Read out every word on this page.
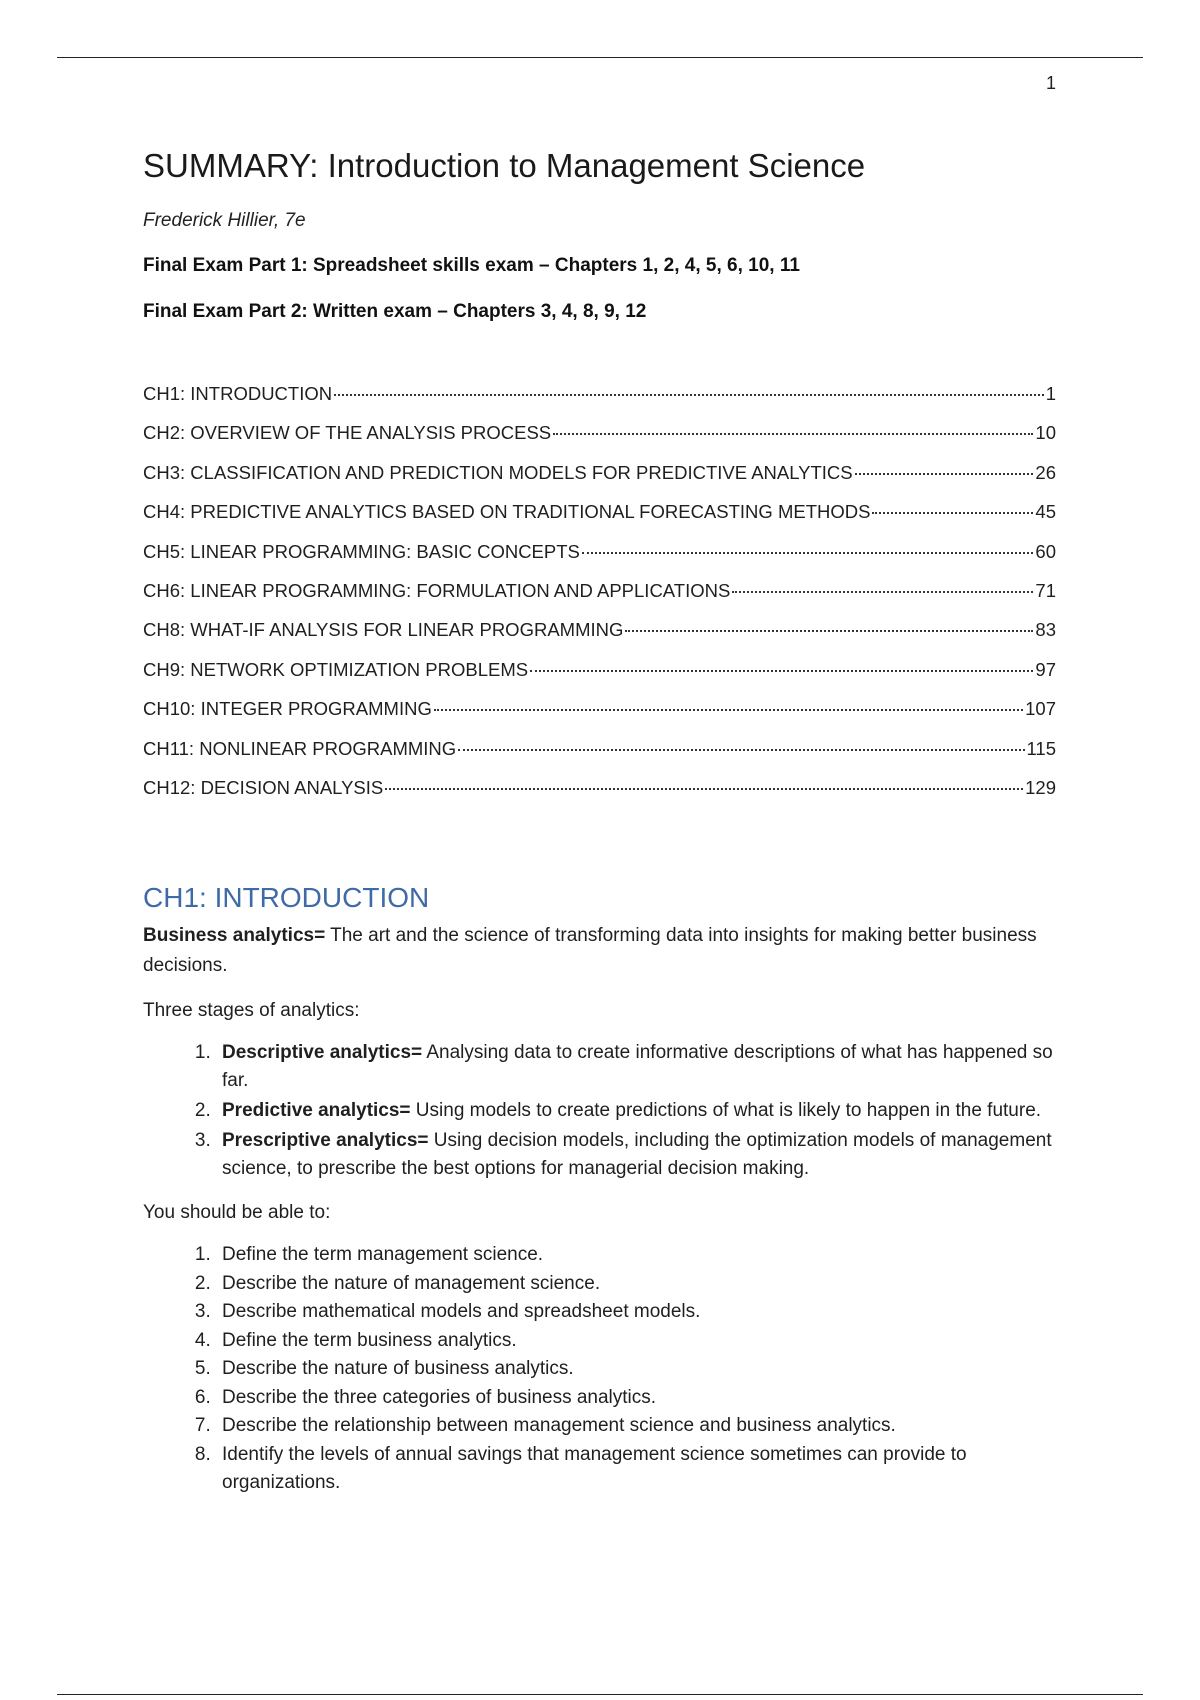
1
SUMMARY: Introduction to Management Science
Frederick Hillier, 7e
Final Exam Part 1: Spreadsheet skills exam – Chapters 1, 2, 4, 5, 6, 10, 11
Final Exam Part 2: Written exam – Chapters 3, 4, 8, 9, 12
CH1: INTRODUCTION	1
CH2: OVERVIEW OF THE ANALYSIS PROCESS	10
CH3: CLASSIFICATION AND PREDICTION MODELS FOR PREDICTIVE ANALYTICS	26
CH4: PREDICTIVE ANALYTICS BASED ON TRADITIONAL FORECASTING METHODS	45
CH5: LINEAR PROGRAMMING: BASIC CONCEPTS	60
CH6: LINEAR PROGRAMMING: FORMULATION AND APPLICATIONS	71
CH8: WHAT-IF ANALYSIS FOR LINEAR PROGRAMMING	83
CH9: NETWORK OPTIMIZATION PROBLEMS	97
CH10: INTEGER PROGRAMMING	107
CH11: NONLINEAR PROGRAMMING	115
CH12: DECISION ANALYSIS	129
CH1: INTRODUCTION

Business analytics= The art and the science of transforming data into insights for making better business decisions.

Three stages of analytics:

1. Descriptive analytics= Analysing data to create informative descriptions of what has happened so far.
2. Predictive analytics= Using models to create predictions of what is likely to happen in the future.
3. Prescriptive analytics= Using decision models, including the optimization models of management science, to prescribe the best options for managerial decision making.

You should be able to:

1. Define the term management science.
2. Describe the nature of management science.
3. Describe mathematical models and spreadsheet models.
4. Define the term business analytics.
5. Describe the nature of business analytics.
6. Describe the three categories of business analytics.
7. Describe the relationship between management science and business analytics.
8. Identify the levels of annual savings that management science sometimes can provide to organizations.
